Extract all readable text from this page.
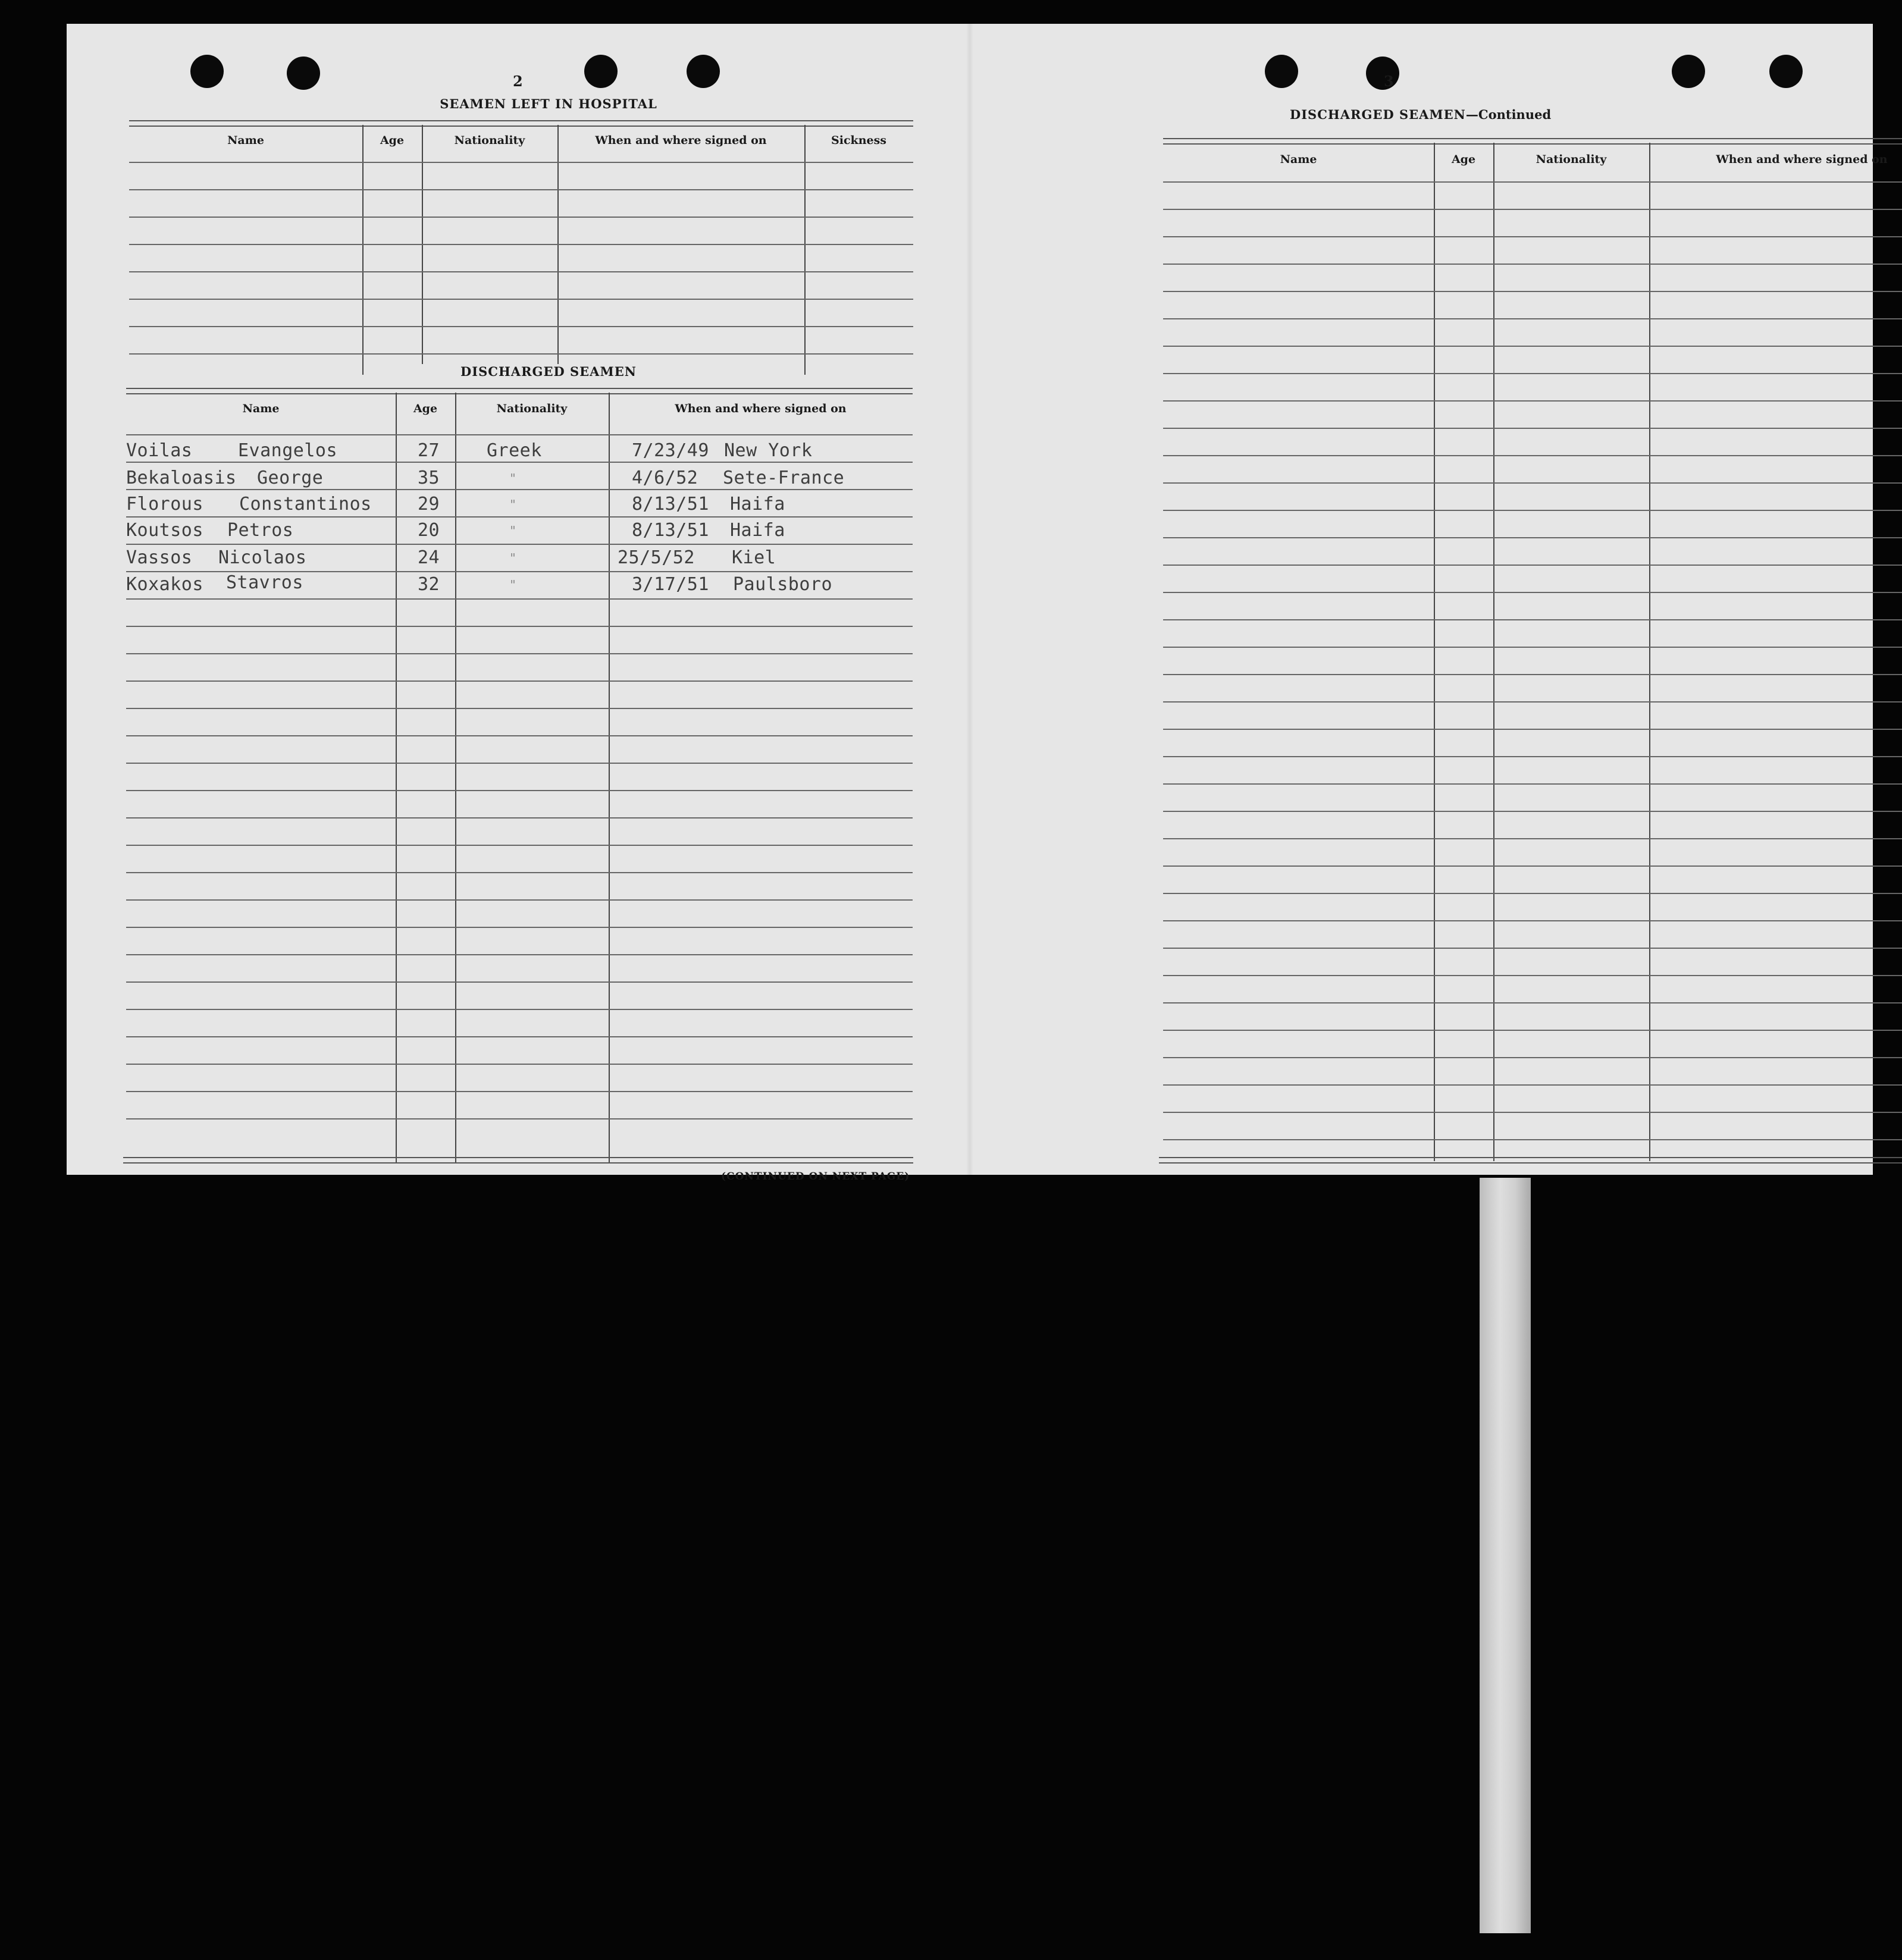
2
SEAMEN LEFT IN HOSPITAL
Name	Age	Nationality	When and where signed on	Sickness
DISCHARGED SEAMEN
Name	Age	Nationality	When and where signed on
Voilas	Evangelos	27	Greek	7/23/49 New York
Bekaloasis George	35	"	4/6/52 Sete-France
Florous Constantinos	29	"	8/13/51 Haifa
Koutsos Petros	20	"	8/13/51 Haifa
Vassos Nicolaos	24	"	25/5/52 Kiel
Koxakos Stavros	32	"	3/17/51 Paulsboro
(CONTINUED ON NEXT PAGE)
3
DISCHARGED SEAMEN—Continued
Name	Age	Nationality	When and where signed on
